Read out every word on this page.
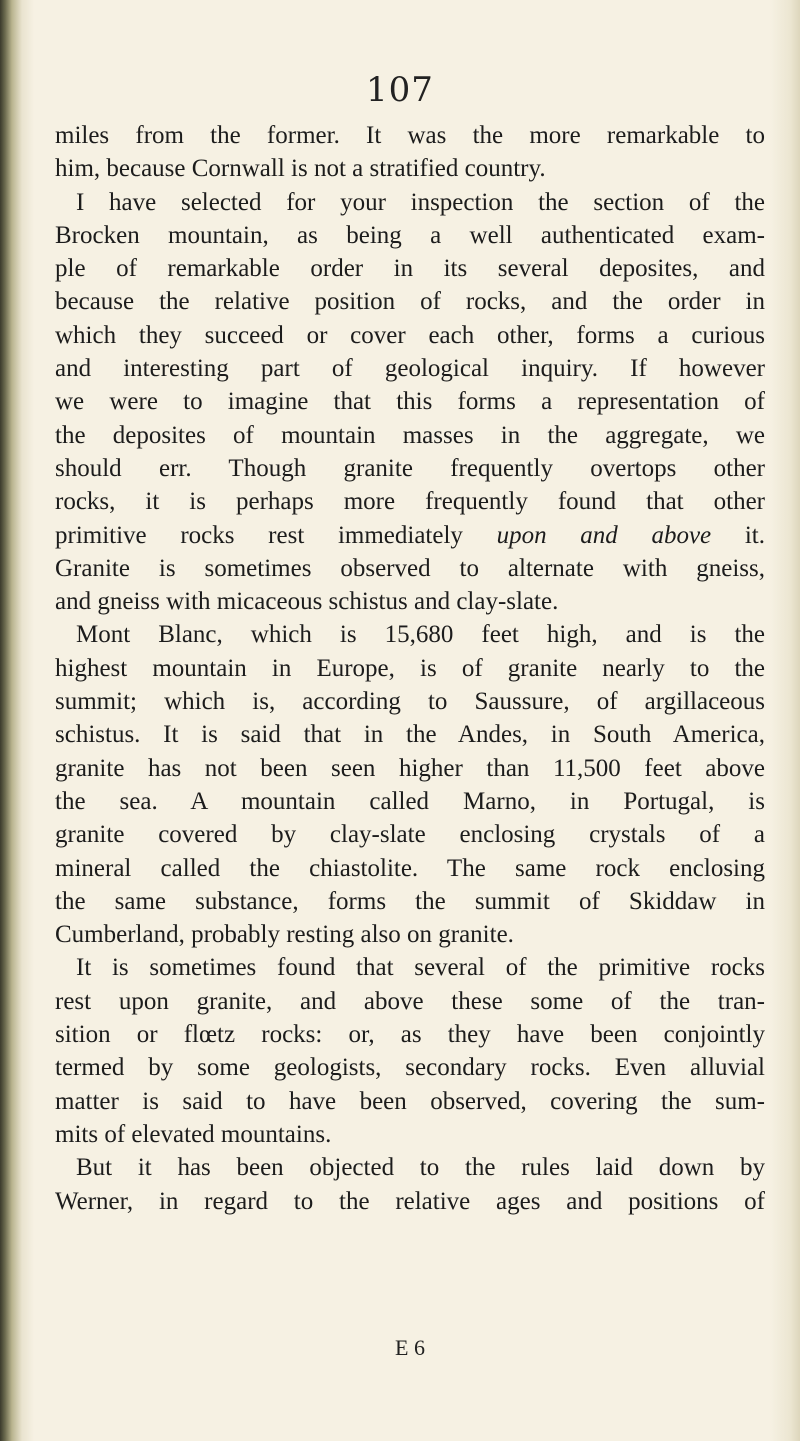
107
miles from the former. It was the more remarkable to
him, because Cornwall is not a stratified country.
I have selected for your inspection the section of the
Brocken mountain, as being a well authenticated exam-
ple of remarkable order in its several deposites, and
because the relative position of rocks, and the order in
which they succeed or cover each other, forms a curious
and interesting part of geological inquiry. If however
we were to imagine that this forms a representation of
the deposites of mountain masses in the aggregate, we
should err. Though granite frequently overtops other
rocks, it is perhaps more frequently found that other
primitive rocks rest immediately upon and above it.
Granite is sometimes observed to alternate with gneiss,
and gneiss with micaceous schistus and clay-slate.
Mont Blanc, which is 15,680 feet high, and is the
highest mountain in Europe, is of granite nearly to the
summit; which is, according to Saussure, of argillaceous
schistus. It is said that in the Andes, in South America,
granite has not been seen higher than 11,500 feet above
the sea. A mountain called Marno, in Portugal, is
granite covered by clay-slate enclosing crystals of a
mineral called the chiastolite. The same rock enclosing
the same substance, forms the summit of Skiddaw in
Cumberland, probably resting also on granite.
It is sometimes found that several of the primitive rocks
rest upon granite, and above these some of the tran-
sition or flœtz rocks: or, as they have been conjointly
termed by some geologists, secondary rocks. Even alluvial
matter is said to have been observed, covering the sum-
mits of elevated mountains.
But it has been objected to the rules laid down by
Werner, in regard to the relative ages and positions of
E 6
